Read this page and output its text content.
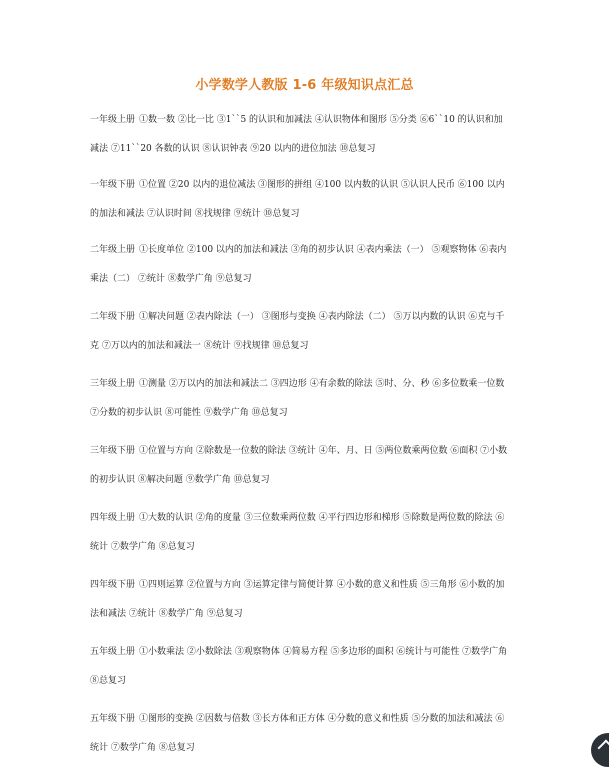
小学数学人教版 1-6 年级知识点汇总
一年级上册 ①数一数 ②比一比 ③1``5 的认识和加减法 ④认识物体和图形 ⑤分类 ⑥6``10 的认识和加减法 ⑦11``20 各数的认识 ⑧认识钟表 ⑨20 以内的进位加法 ⑩总复习
一年级下册 ①位置 ②20 以内的退位减法 ③图形的拼组 ④100 以内数的认识 ⑤认识人民币 ⑥100 以内的加法和减法 ⑦认识时间 ⑧找规律 ⑨统计 ⑩总复习
二年级上册 ①长度单位 ②100 以内的加法和减法 ③角的初步认识 ④表内乘法（一） ⑤观察物体 ⑥表内乘法（二） ⑦统计 ⑧数学广角 ⑨总复习
二年级下册 ①解决问题 ②表内除法（一） ③图形与变换 ④表内除法（二） ⑤万以内数的认识 ⑥克与千克 ⑦万以内的加法和减法一 ⑧统计 ⑨找规律 ⑩总复习
三年级上册 ①测量 ②万以内的加法和减法二 ③四边形 ④有余数的除法 ⑤时、分、秒 ⑥多位数乘一位数 ⑦分数的初步认识 ⑧可能性 ⑨数学广角 ⑩总复习
三年级下册 ①位置与方向 ②除数是一位数的除法 ③统计 ④年、月、日 ⑤两位数乘两位数 ⑥面积 ⑦小数的初步认识 ⑧解决问题 ⑨数学广角 ⑩总复习
四年级上册 ①大数的认识 ②角的度量 ③三位数乘两位数 ④平行四边形和梯形 ⑤除数是两位数的除法 ⑥统计 ⑦数学广角 ⑧总复习
四年级下册 ①四则运算 ②位置与方向 ③运算定律与简便计算 ④小数的意义和性质 ⑤三角形 ⑥小数的加法和减法 ⑦统计 ⑧数学广角 ⑨总复习
五年级上册 ①小数乘法 ②小数除法 ③观察物体 ④简易方程 ⑤多边形的面积 ⑥统计与可能性 ⑦数学广角 ⑧总复习
五年级下册 ①图形的变换 ②因数与倍数 ③长方体和正方体 ④分数的意义和性质 ⑤分数的加法和减法 ⑥统计 ⑦数学广角 ⑧总复习
